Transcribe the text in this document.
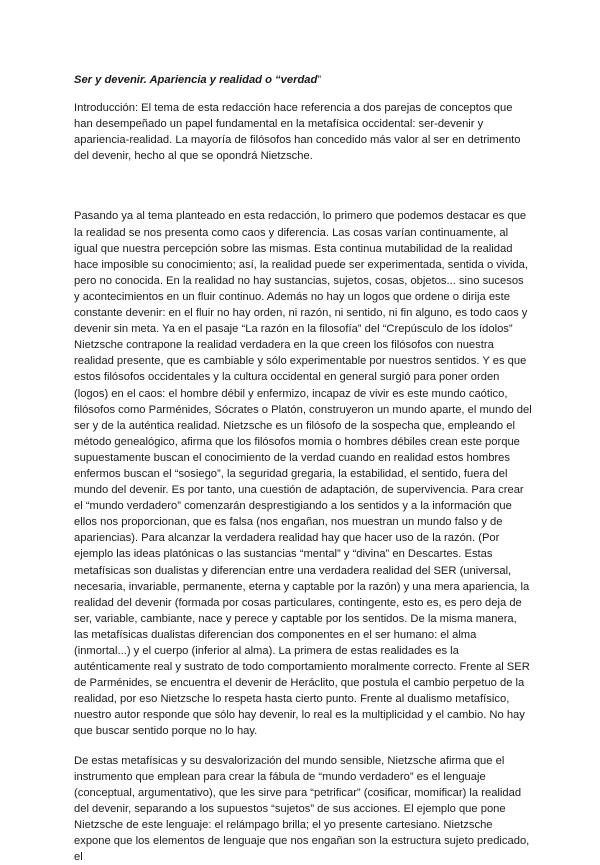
Ser y devenir. Apariencia y realidad o “verdad”

Introducción: El tema de esta redacción hace referencia a dos parejas de conceptos que han desempeñado un papel fundamental en la metafísica occidental: ser-devenir y apariencia-realidad. La mayoría de filósofos han concedido más valor al ser en detrimento del devenir, hecho al que se opondrá Nietzsche.

Pasando ya al tema planteado en esta redacción, lo primero que podemos destacar es que la realidad se nos presenta como caos y diferencia. Las cosas varían continuamente, al igual que nuestra percepción sobre las mismas. Esta continua mutabilidad de la realidad hace imposible su conocimiento; así, la realidad puede ser experimentada, sentida o vivida, pero no conocida. En la realidad no hay sustancias, sujetos, cosas, objetos... sino sucesos y acontecimientos en un fluir continuo. Además no hay un logos que ordene o dirija este constante devenir: en el fluir no hay orden, ni razón, ni sentido, ni fin alguno, es todo caos y devenir sin meta. Ya en el pasaje “La razón en la filosofía” del “Crepúsculo de los ídolos” Nietzsche contrapone la realidad verdadera en la que creen los filósofos con nuestra realidad presente, que es cambiable y sólo experimentable por nuestros sentidos. Y es que estos filósofos occidentales y la cultura occidental en general surgió para poner orden (logos) en el caos: el hombre débil y enfermizo, incapaz de vivir es este mundo caótico, filósofos como Parménides, Sócrates o Platón, construyeron un mundo aparte, el mundo del ser y de la auténtica realidad. Nietzsche es un filósofo de la sospecha que, empleando el método genealógico, afirma que los filósofos momia o hombres débiles crean este porque supuestamente buscan el conocimiento de la verdad cuando en realidad estos hombres enfermos buscan el “sosiego”, la seguridad gregaria, la estabilidad, el sentido, fuera del mundo del devenir. Es por tanto, una cuestión de adaptación, de supervivencia. Para crear el “mundo verdadero” comenzarán desprestigiando a los sentidos y a la información que ellos nos proporcionan, que es falsa (nos engañan, nos muestran un mundo falso y de apariencias). Para alcanzar la verdadera realidad hay que hacer uso de la razón. (Por ejemplo las ideas platónicas o las sustancias “mental” y “divina” en Descartes. Estas metafísicas son dualistas y diferencian entre una verdadera realidad del SER (universal, necesaria, invariable, permanente, eterna y captable por la razón) y una mera apariencia, la realidad del devenir (formada por cosas particulares, contingente, esto es, es pero deja de ser, variable, cambiante, nace y perece y captable por los sentidos. De la misma manera, las metafísicas dualistas diferencian dos componentes en el ser humano: el alma (inmortal...) y el cuerpo (inferior al alma). La primera de estas realidades es la auténticamente real y sustrato de todo comportamiento moralmente correcto. Frente al SER de Parménides, se encuentra el devenir de Heráclito, que postula el cambio perpetuo de la realidad, por eso Nietzsche lo respeta hasta cierto punto. Frente al dualismo metafísico, nuestro autor responde que sólo hay devenir, lo real es la multiplicidad y el cambio. No hay que buscar sentido porque no lo hay.

De estas metafísicas y su desvalorización del mundo sensible, Nietzsche afirma que el instrumento que emplean para crear la fábula de “mundo verdadero” es el lenguaje (conceptual, argumentativo), que les sirve para “petrificar” (cosificar, momificar) la realidad del devenir, separando a los supuestos “sujetos” de sus acciones. El ejemplo que pone Nietzsche de este lenguaje: el relámpago brilla; el yo presente cartesiano. Nietzsche expone que los elementos de lenguaje que nos engañan son la estructura sujeto predicado, el
